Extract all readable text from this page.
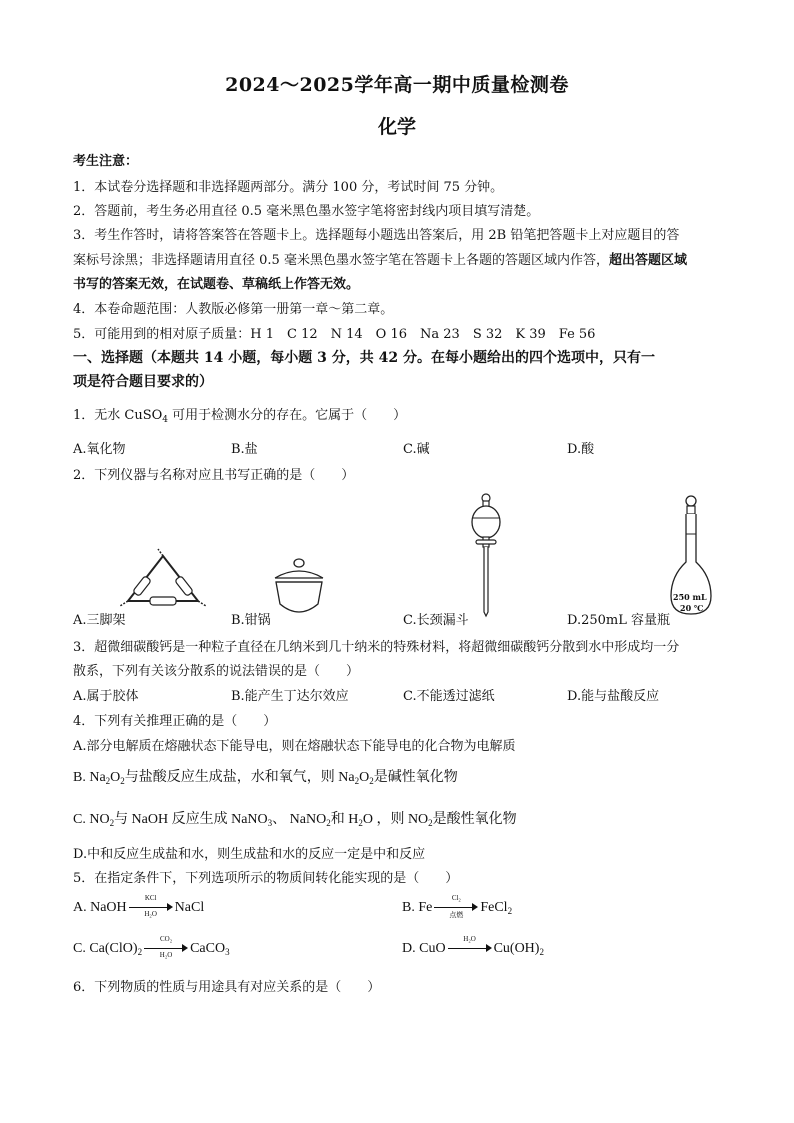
2024～2025学年高一期中质量检测卷
化学
考生注意：
1．本试卷分选择题和非选择题两部分。满分 100 分，考试时间 75 分钟。
2．答题前，考生务必用直径 0.5 毫米黑色墨水签字笔将密封线内项目填写清楚。
3．考生作答时，请将答案答在答题卡上。选择题每小题选出答案后，用 2B 铅笔把答题卡上对应题目的答
案标号涂黑；非选择题请用直径 0.5 毫米黑色墨水签字笔在答题卡上各题的答题区域内作答，超出答题区域
书写的答案无效，在试题卷、草稿纸上作答无效。
4．本卷命题范围：人教版必修第一册第一章～第二章。
5．可能用到的相对原子质量：H 1　C 12　N 14　O 16　Na 23　S 32　K 39　Fe 56
一、选择题（本题共 14 小题，每小题 3 分，共 42 分。在每小题给出的四个选项中，只有一
项是符合题目要求的）
1．无水 CuSO$_4$ 可用于检测水分的存在。它属于（　　）
A.氧化物	B.盐	C.碱	D.酸
2．下列仪器与名称对应且书写正确的是（　　）
250 mL
20 ℃
A.三脚架	B.钳锅	C.长颈漏斗	D.250mL 容量瓶
3．超微细碳酸钙是一种粒子直径在几纳米到几十纳米的特殊材料，将超微细碳酸钙分散到水中形成均一分
散系，下列有关该分散系的说法错误的是（　　）
A.属于胶体	B.能产生丁达尔效应	C.不能透过滤纸	D.能与盐酸反应
4．下列有关推理正确的是（　　）
A.部分电解质在熔融状态下能导电，则在熔融状态下能导电的化合物为电解质
B. $Na_2O_2$与盐酸反应生成盐，水和氧气，则 $Na_2O_2$是碱性氧化物
C. $NO_2$与 NaOH 反应生成 NaNO$_3$、 NaNO$_2$和 $H_2O$ ，则 $NO_2$是酸性氧化物
D.中和反应生成盐和水，则生成盐和水的反应一定是中和反应
5．在指定条件下，下列选项所示的物质间转化能实现的是（　　）
A. NaOH
KCl
H₂O	NaCl	B. Fe
Cl₂
点燃	FeCl$_2$
C. $Ca(ClO)_2$
CO₂
H₂O	CaCO$_3$	D. CuO
H₂O
$Cu(OH)_2$
6．下列物质的性质与用途具有对应关系的是（　　）
